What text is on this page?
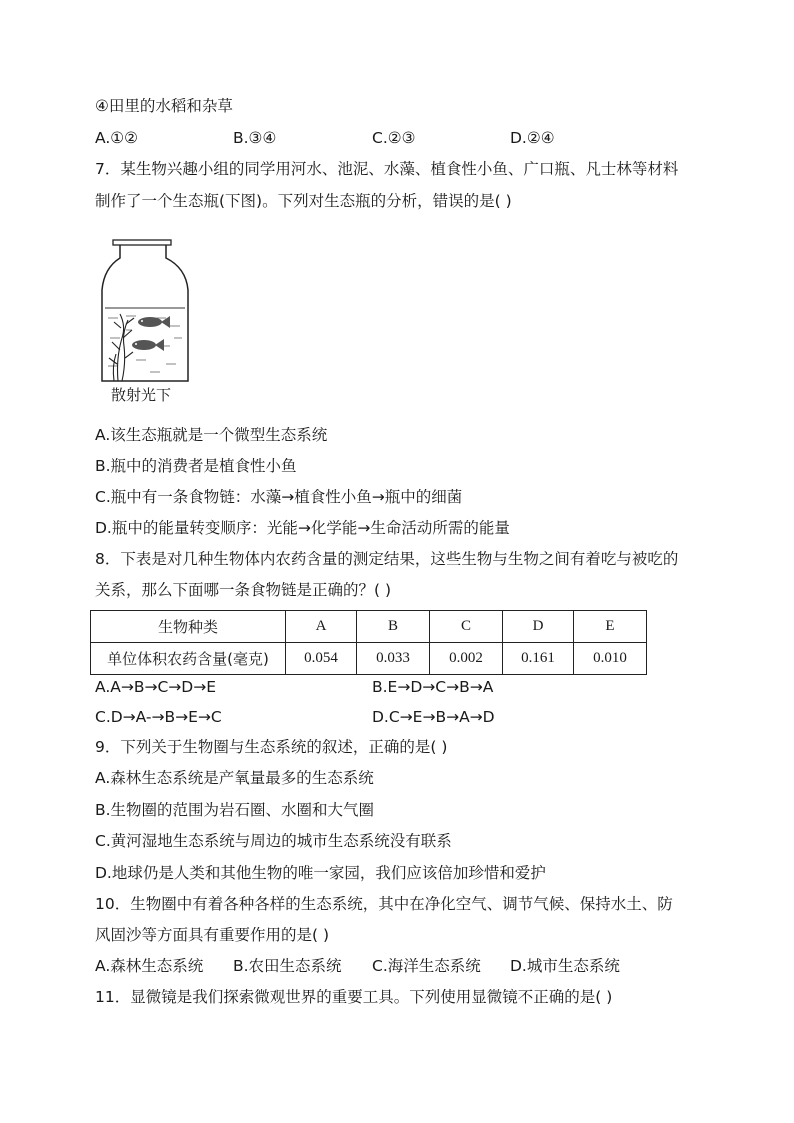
④田里的水稻和杂草
A.①②	B.③④	C.②③	D.②④
7．某生物兴趣小组的同学用河水、池泥、水藻、植食性小鱼、广口瓶、凡士林等材料
制作了一个生态瓶(下图)。下列对生态瓶的分析，错误的是( )
散射光下
A.该生态瓶就是一个微型生态系统
B.瓶中的消费者是植食性小鱼
C.瓶中有一条食物链：水藻→植食性小鱼→瓶中的细菌
D.瓶中的能量转变顺序：光能→化学能→生命活动所需的能量
8．下表是对几种生物体内农药含量的测定结果，这些生物与生物之间有着吃与被吃的
关系，那么下面哪一条食物链是正确的？( )
生物种类	A	B	C	D	E
单位体积农药含量(毫克)	0.054	0.033	0.002	0.161	0.010
A.A→B→C→D→E	B.E→D→C→B→A
C.D→A-→B→E→C	D.C→E→B→A→D
9．下列关于生物圈与生态系统的叙述，正确的是( )
A.森林生态系统是产氧量最多的生态系统
B.生物圈的范围为岩石圈、水圈和大气圈
C.黄河湿地生态系统与周边的城市生态系统没有联系
D.地球仍是人类和其他生物的唯一家园，我们应该倍加珍惜和爱护
10．生物圈中有着各种各样的生态系统，其中在净化空气、调节气候、保持水土、防
风固沙等方面具有重要作用的是( )
A.森林生态系统 B.农田生态系统 C.海洋生态系统 D.城市生态系统
11．显微镜是我们探索微观世界的重要工具。下列使用显微镜不正确的是( )
